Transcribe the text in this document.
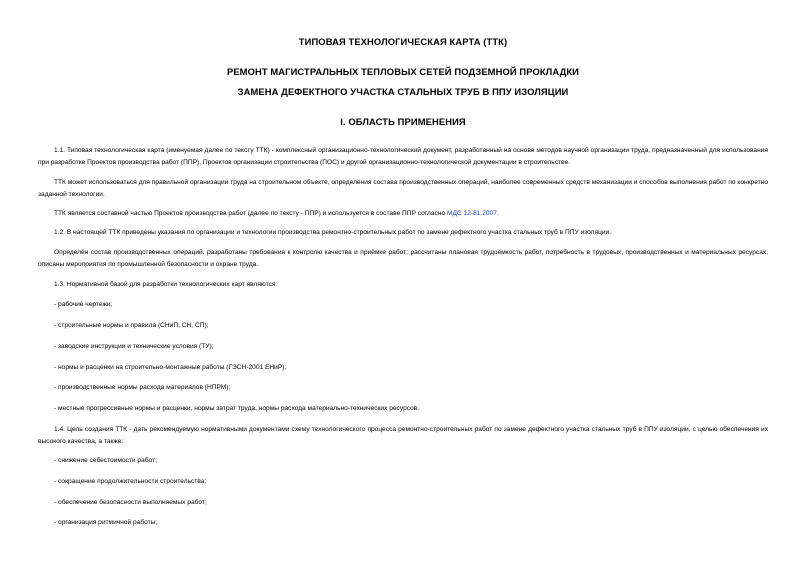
ТИПОВАЯ ТЕХНОЛОГИЧЕСКАЯ КАРТА (ТТК)
РЕМОНТ МАГИСТРАЛЬНЫХ ТЕПЛОВЫХ СЕТЕЙ ПОДЗЕМНОЙ ПРОКЛАДКИ
ЗАМЕНА ДЕФЕКТНОГО УЧАСТКА СТАЛЬНЫХ ТРУБ В ППУ ИЗОЛЯЦИИ
I. ОБЛАСТЬ ПРИМЕНЕНИЯ
1.1. Типовая технологическая карта (именуемая далее по тексту ТТК) - комплексный организационно-технологический документ, разработанный на основе методов научной организации труда, предназначенный для использования при разработке Проектов производства работ (ППР), Проектов организации строительства (ПОС) и другой организационно-технологической документации в строительстве.
ТТК может использоваться для правильной организации труда на строительном объекте, определения состава производственных операций, наиболее современных средств механизации и способов выполнения работ по конкретно заданной технологии.
ТТК является составной частью Проектов производства работ (далее по тексту - ППР) и используется в составе ППР согласно МДС 12-81.2007.
1.2. В настоящей ТТК приведены указания по организации и технологии производства ремонтно-строительных работ по замене дефектного участка стальных труб в ППУ изоляции.
Определён состав производственных операций, разработаны требования к контролю качества и приёмке работ; рассчитаны плановая трудоёмкость работ, потребность в трудовых, производственных и материальных ресурсах, описаны мероприятия по промышленной безопасности и охране труда.
1.3. Нормативной базой для разработки технологических карт являются:
- рабочие чертежи;
- строительные нормы и правила (СНиП, СН, СП);
- заводские инструкции и технические условия (ТУ);
- нормы и расценки на строительно-монтажные работы (ГЭСН-2001 ЕНиР);
- производственные нормы расхода материалов (НПРМ);
- местные прогрессивные нормы и расценки, нормы затрат труда, нормы расхода материально-технических ресурсов.
1.4. Цель создания ТТК - дать рекомендуемую нормативными документами схему технологического процесса ремонтно-строительных работ по замене дефектного участка стальных труб в ППУ изоляции, с целью обеспечения их высокого качества, а также:
- снижение себестоимости работ;
- сокращение продолжительности строительства;
- обеспечение безопасности выполняемых работ;
- организация ритмичной работы;
